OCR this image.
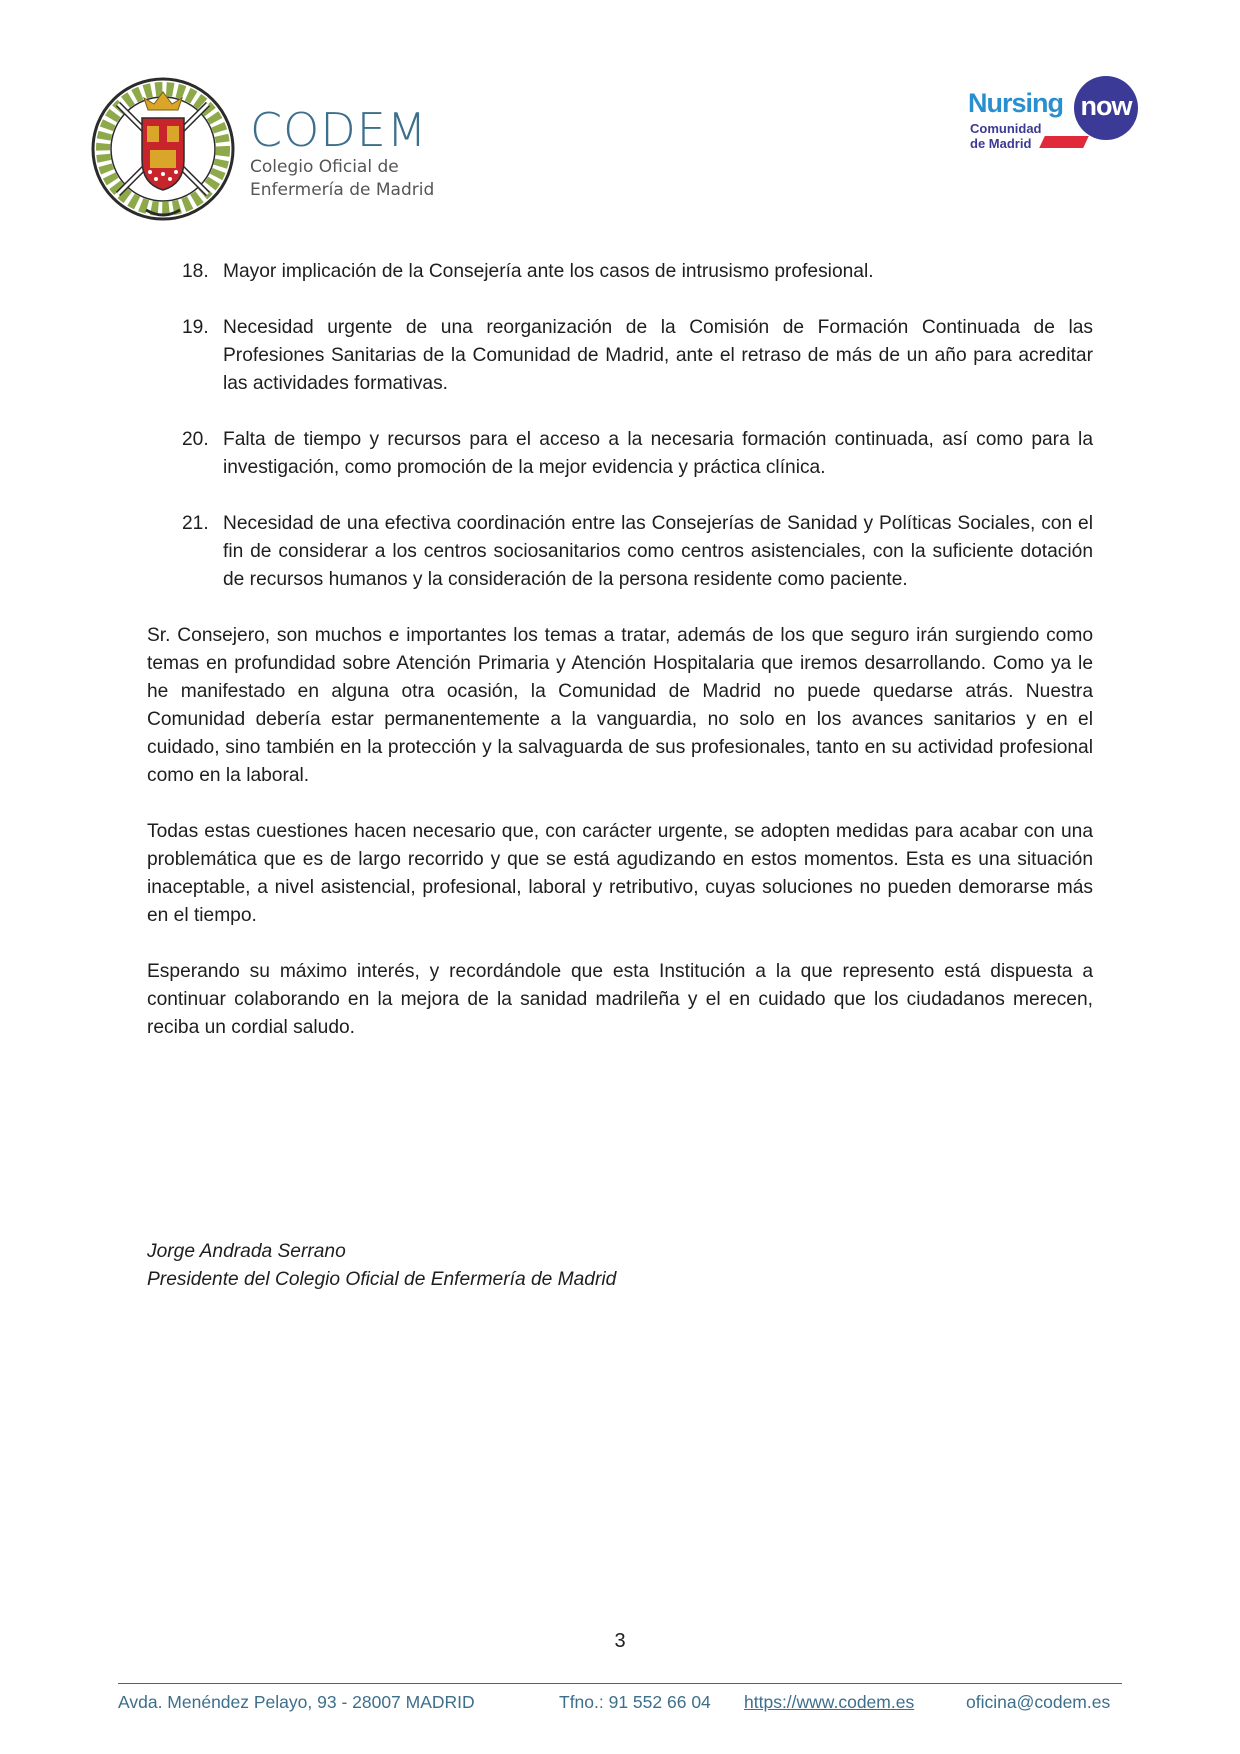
CODEM

Colegio Oficial de

Enfermería de Madrid

Nursing now
Comunidad
de Madrid
18. Mayor implicación de la Consejería ante los casos de intrusismo profesional.
19. Necesidad urgente de una reorganización de la Comisión de Formación Continuada de las Profesiones Sanitarias de la Comunidad de Madrid, ante el retraso de más de un año para acreditar las actividades formativas.
20. Falta de tiempo y recursos para el acceso a la necesaria formación continuada, así como para la investigación, como promoción de la mejor evidencia y práctica clínica.
21. Necesidad de una efectiva coordinación entre las Consejerías de Sanidad y Políticas Sociales, con el fin de considerar a los centros sociosanitarios como centros asistenciales, con la suficiente dotación de recursos humanos y la consideración de la persona residente como paciente.

Sr. Consejero, son muchos e importantes los temas a tratar, además de los que seguro irán surgiendo como temas en profundidad sobre Atención Primaria y Atención Hospitalaria que iremos desarrollando. Como ya le he manifestado en alguna otra ocasión, la Comunidad de Madrid no puede quedarse atrás. Nuestra Comunidad debería estar permanentemente a la vanguardia, no solo en los avances sanitarios y en el cuidado, sino también en la protección y la salvaguarda de sus profesionales, tanto en su actividad profesional como en la laboral.

Todas estas cuestiones hacen necesario que, con carácter urgente, se adopten medidas para acabar con una problemática que es de largo recorrido y que se está agudizando en estos momentos. Esta es una situación inaceptable, a nivel asistencial, profesional, laboral y retributivo, cuyas soluciones no pueden demorarse más en el tiempo.

Esperando su máximo interés, y recordándole que esta Institución a la que represento está dispuesta a continuar colaborando en la mejora de la sanidad madrileña y el en cuidado que los ciudadanos merecen, reciba un cordial saludo.

Jorge Andrada Serrano
Presidente del Colegio Oficial de Enfermería de Madrid
3
Avda. Menéndez Pelayo, 93 - 28007 MADRID	Tfno.: 91 552 66 04 https://www.codem.es	oficina@codem.es
